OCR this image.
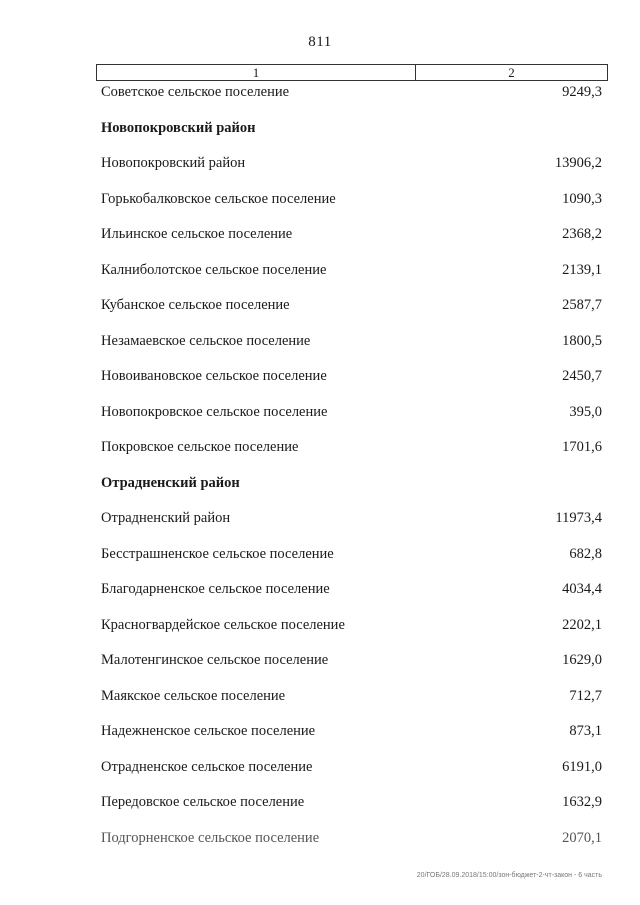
811
1	2
Советское сельское поселение	9249,3
Новопокровский район
Новопокровский район	13906,2
Горькобалковское сельское поселение	1090,3
Ильинское сельское поселение	2368,2
Калниболотское сельское поселение	2139,1
Кубанское сельское поселение	2587,7
Незамаевское сельское поселение	1800,5
Новоивановское сельское поселение	2450,7
Новопокровское сельское поселение	395,0
Покровское сельское поселение	1701,6
Отрадненский район
Отрадненский район	11973,4
Бесстрашненское сельское поселение	682,8
Благодарненское сельское поселение	4034,4
Красногвардейское сельское поселение	2202,1
Малотенгинское сельское поселение	1629,0
Маякское сельское поселение	712,7
Надежненское сельское поселение	873,1
Отрадненское сельское поселение	6191,0
Передовское сельское поселение	1632,9
Подгорненское сельское поселение	2070,1
20/ГОБ/28.09.2018/15:00/зон-бюджет-2-чт-закон - 6 часть
